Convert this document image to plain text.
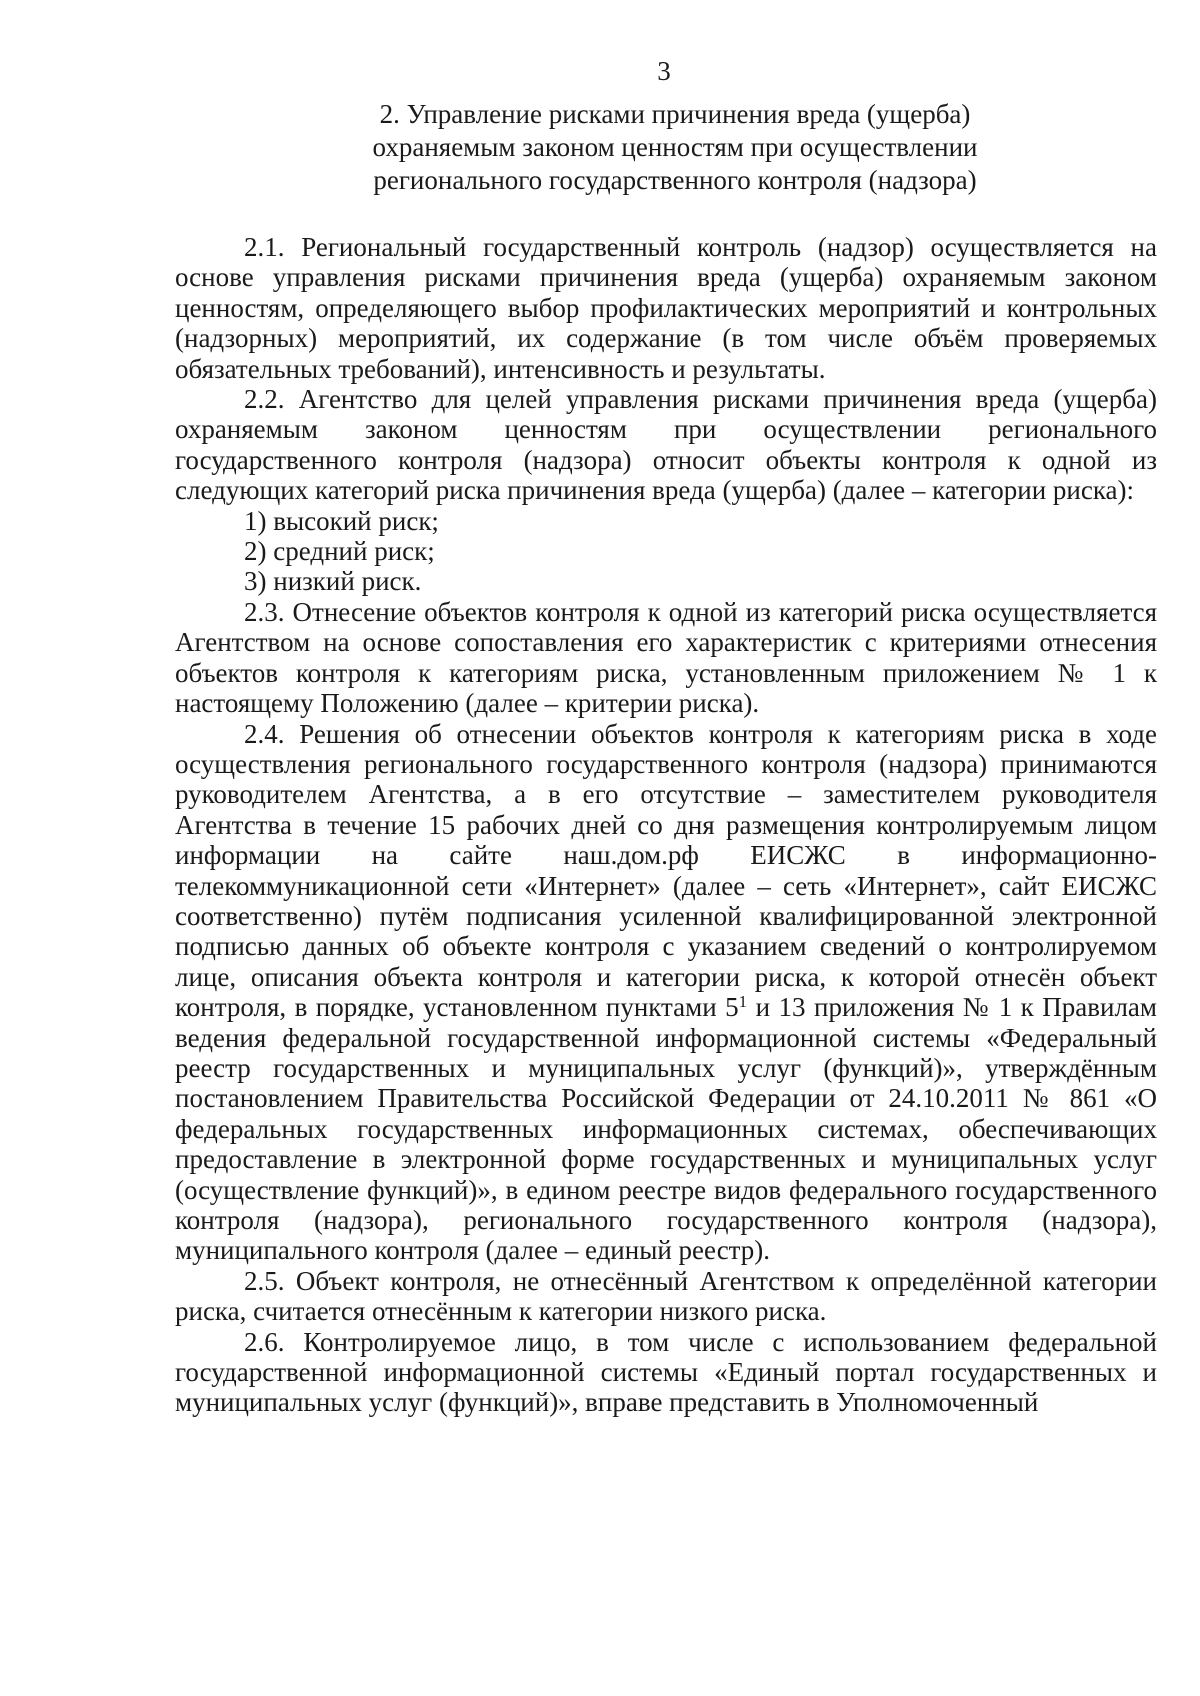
3
2. Управление рисками причинения вреда (ущерба)
охраняемым законом ценностям при осуществлении
регионального государственного контроля (надзора)

2.1. Региональный государственный контроль (надзор) осуществляется на основе управления рисками причинения вреда (ущерба) охраняемым законом ценностям, определяющего выбор профилактических мероприятий и контрольных (надзорных) мероприятий, их содержание (в том числе объём проверяемых обязательных требований), интенсивность и результаты.

2.2. Агентство для целей управления рисками причинения вреда (ущерба) охраняемым законом ценностям при осуществлении регионального государственного контроля (надзора) относит объекты контроля к одной из следующих категорий риска причинения вреда (ущерба) (далее – категории риска):

1) высокий риск;

2) средний риск;

3) низкий риск.

2.3. Отнесение объектов контроля к одной из категорий риска осуществляется Агентством на основе сопоставления его характеристик с критериями отнесения объектов контроля к категориям риска, установленным приложением № 1 к настоящему Положению (далее – критерии риска).

2.4. Решения об отнесении объектов контроля к категориям риска в ходе осуществления регионального государственного контроля (надзора) принимаются руководителем Агентства, а в его отсутствие – заместителем руководителя Агентства в течение 15 рабочих дней со дня размещения контролируемым лицом информации на сайте наш.дом.рф ЕИСЖС в информационно-телекоммуникационной сети «Интернет» (далее – сеть «Интернет», сайт ЕИСЖС соответственно) путём подписания усиленной квалифицированной электронной подписью данных об объекте контроля с указанием сведений о контролируемом лице, описания объекта контроля и категории риска, к которой отнесён объект контроля, в порядке, установленном пунктами $5^1$ и 13 приложения № 1 к Правилам ведения федеральной государственной информационной системы «Федеральный реестр государственных и муниципальных услуг (функций)», утверждённым постановлением Правительства Российской Федерации от 24.10.2011 № 861 «О федеральных государственных информационных системах, обеспечивающих предоставление в электронной форме государственных и муниципальных услуг (осуществление функций)», в едином реестре видов федерального государственного контроля (надзора), регионального государственного контроля (надзора), муниципального контроля (далее – единый реестр).

2.5. Объект контроля, не отнесённый Агентством к определённой категории риска, считается отнесённым к категории низкого риска.

2.6. Контролируемое лицо, в том числе с использованием федеральной государственной информационной системы «Единый портал государственных и муниципальных услуг (функций)», вправе представить в Уполномоченный
